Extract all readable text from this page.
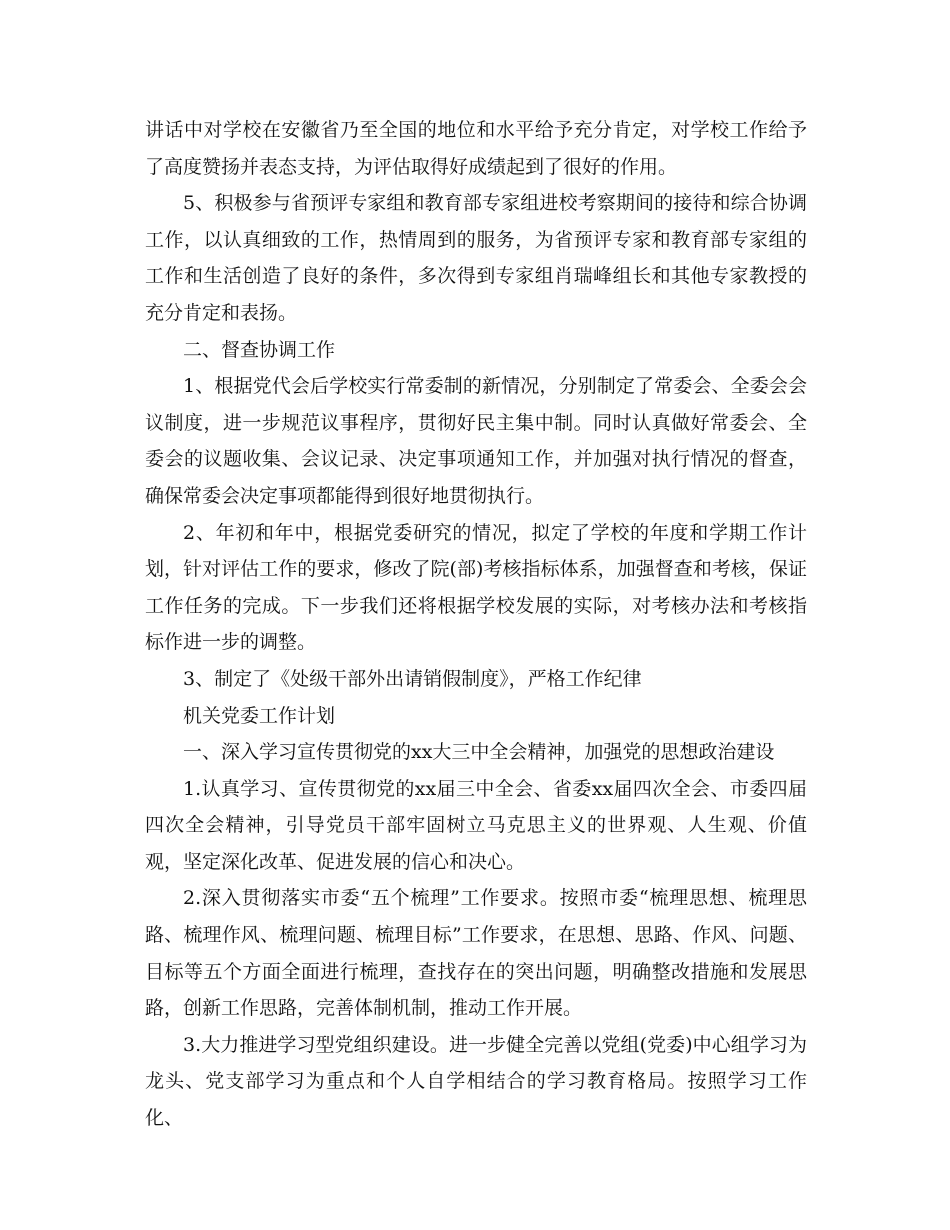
讲话中对学校在安徽省乃至全国的地位和水平给予充分肯定，对学校工作给予了高度赞扬并表态支持，为评估取得好成绩起到了很好的作用。

5、积极参与省预评专家组和教育部专家组进校考察期间的接待和综合协调工作，以认真细致的工作，热情周到的服务，为省预评专家和教育部专家组的工作和生活创造了良好的条件，多次得到专家组肖瑞峰组长和其他专家教授的充分肯定和表扬。

二、督查协调工作

1、根据党代会后学校实行常委制的新情况，分别制定了常委会、全委会会议制度，进一步规范议事程序，贯彻好民主集中制。同时认真做好常委会、全委会的议题收集、会议记录、决定事项通知工作，并加强对执行情况的督查，确保常委会决定事项都能得到很好地贯彻执行。

2、年初和年中，根据党委研究的情况，拟定了学校的年度和学期工作计划，针对评估工作的要求，修改了院(部)考核指标体系，加强督查和考核，保证工作任务的完成。下一步我们还将根据学校发展的实际，对考核办法和考核指标作进一步的调整。

3、制定了《处级干部外出请销假制度》，严格工作纪律

机关党委工作计划

一、深入学习宣传贯彻党的xx大三中全会精神，加强党的思想政治建设

1.认真学习、宣传贯彻党的xx届三中全会、省委xx届四次全会、市委四届四次全会精神，引导党员干部牢固树立马克思主义的世界观、人生观、价值观，坚定深化改革、促进发展的信心和决心。

2.深入贯彻落实市委“五个梳理”工作要求。按照市委“梳理思想、梳理思路、梳理作风、梳理问题、梳理目标”工作要求，在思想、思路、作风、问题、目标等五个方面全面进行梳理，查找存在的突出问题，明确整改措施和发展思路，创新工作思路，完善体制机制，推动工作开展。

3.大力推进学习型党组织建设。进一步健全完善以党组(党委)中心组学习为龙头、党支部学习为重点和个人自学相结合的学习教育格局。按照学习工作化、
